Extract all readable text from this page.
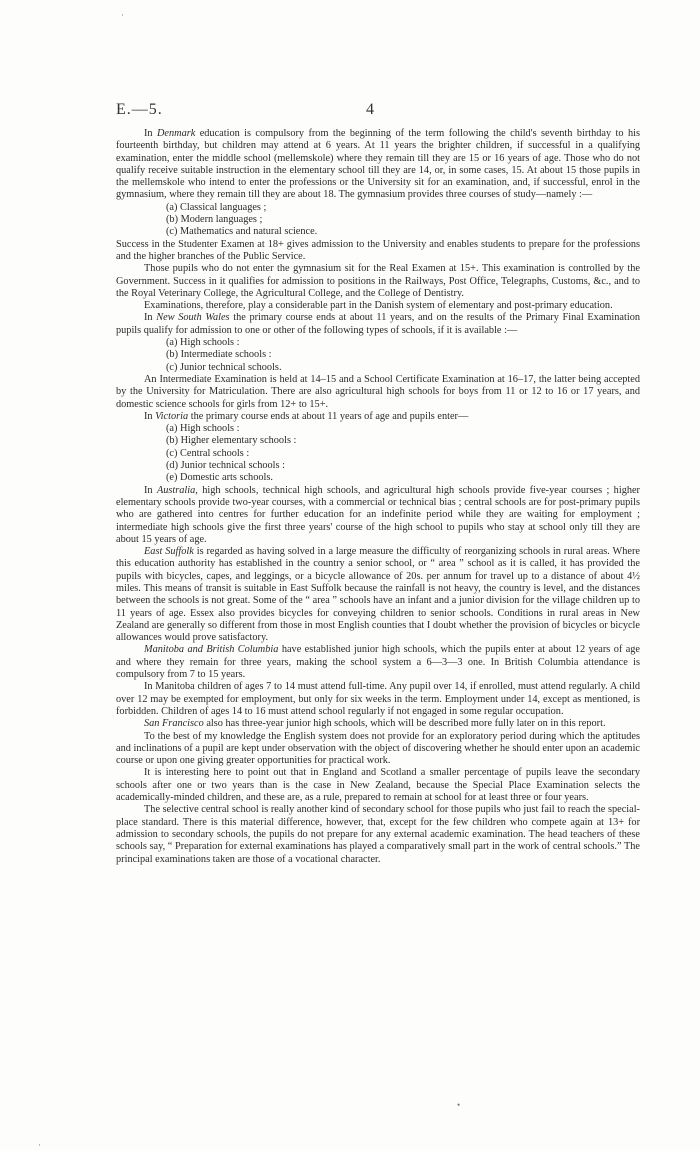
E.—5.	4

In Denmark education is compulsory from the beginning of the term following the child's seventh birthday to his fourteenth birthday, but children may attend at 6 years. At 11 years the brighter children, if successful in a qualifying examination, enter the middle school (mellemskole) where they remain till they are 15 or 16 years of age. Those who do not qualify receive suitable instruction in the elementary school till they are 14, or, in some cases, 15. At about 15 those pupils in the mellemskole who intend to enter the professions or the University sit for an examination, and, if successful, enrol in the gymnasium, where they remain till they are about 18. The gymnasium provides three courses of study—namely :—

(a) Classical languages ;

(b) Modern languages ;

(c) Mathematics and natural science.

Success in the Studenter Examen at 18+ gives admission to the University and enables students to prepare for the professions and the higher branches of the Public Service.

Those pupils who do not enter the gymnasium sit for the Real Examen at 15+. This examination is controlled by the Government. Success in it qualifies for admission to positions in the Railways, Post Office, Telegraphs, Customs, &c., and to the Royal Veterinary College, the Agricultural College, and the College of Dentistry.

Examinations, therefore, play a considerable part in the Danish system of elementary and post-primary education.

In New South Wales the primary course ends at about 11 years, and on the results of the Primary Final Examination pupils qualify for admission to one or other of the following types of schools, if it is available :—

(a) High schools :

(b) Intermediate schools :

(c) Junior technical schools.

An Intermediate Examination is held at 14–15 and a School Certificate Examination at 16–17, the latter being accepted by the University for Matriculation. There are also agricultural high schools for boys from 11 or 12 to 16 or 17 years, and domestic science schools for girls from 12+ to 15+.

In Victoria the primary course ends at about 11 years of age and pupils enter—

(a) High schools :

(b) Higher elementary schools :

(c) Central schools :

(d) Junior technical schools :

(e) Domestic arts schools.

In Australia, high schools, technical high schools, and agricultural high schools provide five-year courses ; higher elementary schools provide two-year courses, with a commercial or technical bias ; central schools are for post-primary pupils who are gathered into centres for further education for an indefinite period while they are waiting for employment ; intermediate high schools give the first three years' course of the high school to pupils who stay at school only till they are about 15 years of age.

East Suffolk is regarded as having solved in a large measure the difficulty of reorganizing schools in rural areas. Where this education authority has established in the country a senior school, or “ area ” school as it is called, it has provided the pupils with bicycles, capes, and leggings, or a bicycle allowance of 20s. per annum for travel up to a distance of about 4½ miles. This means of transit is suitable in East Suffolk because the rainfall is not heavy, the country is level, and the distances between the schools is not great. Some of the “ area ” schools have an infant and a junior division for the village children up to 11 years of age. Essex also provides bicycles for conveying children to senior schools. Conditions in rural areas in New Zealand are generally so different from those in most English counties that I doubt whether the provision of bicycles or bicycle allowances would prove satisfactory.

Manitoba and British Columbia have established junior high schools, which the pupils enter at about 12 years of age and where they remain for three years, making the school system a 6—3—3 one. In British Columbia attendance is compulsory from 7 to 15 years.

In Manitoba children of ages 7 to 14 must attend full-time. Any pupil over 14, if enrolled, must attend regularly. A child over 12 may be exempted for employment, but only for six weeks in the term. Employment under 14, except as mentioned, is forbidden. Children of ages 14 to 16 must attend school regularly if not engaged in some regular occupation.

San Francisco also has three-year junior high schools, which will be described more fully later on in this report.

To the best of my knowledge the English system does not provide for an exploratory period during which the aptitudes and inclinations of a pupil are kept under observation with the object of discovering whether he should enter upon an academic course or upon one giving greater opportunities for practical work.

It is interesting here to point out that in England and Scotland a smaller percentage of pupils leave the secondary schools after one or two years than is the case in New Zealand, because the Special Place Examination selects the academically-minded children, and these are, as a rule, prepared to remain at school for at least three or four years.

The selective central school is really another kind of secondary school for those pupils who just fail to reach the special-place standard. There is this material difference, however, that, except for the few children who compete again at 13+ for admission to secondary schools, the pupils do not prepare for any external academic examination. The head teachers of these schools say, “ Preparation for external examinations has played a comparatively small part in the work of central schools.” The principal examinations taken are those of a vocational character.

·
•
·
